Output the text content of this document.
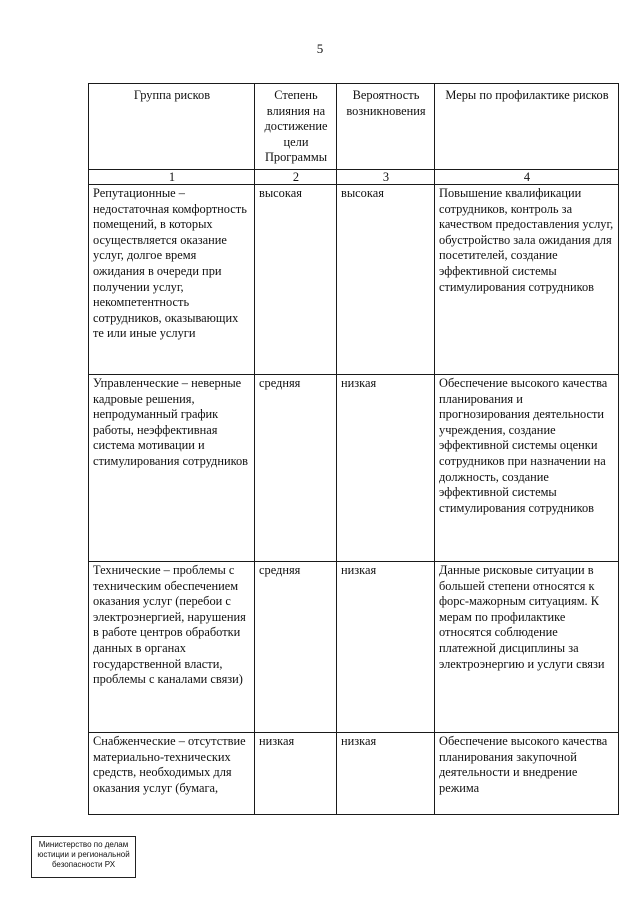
5
Группа рисков	Степень влияния на достижение цели Программы	Вероятность возникновения	Меры по профилактике рисков
1	2	3	4
Репутационные – недостаточная комфортность помещений, в которых осуществляется оказание услуг, долгое время ожидания в очереди при получении услуг, некомпетентность сотрудников, оказывающих те или иные услуги	высокая	высокая	Повышение квалификации сотрудников, контроль за качеством предоставления услуг, обустройство зала ожидания для посетителей, создание эффективной системы стимулирования сотрудников
Управленческие – неверные кадровые решения, непродуманный график работы, неэффективная система мотивации и стимулирования сотрудников	средняя	низкая	Обеспечение высокого качества планирования и прогнозирования деятельности учреждения, создание эффективной системы оценки сотрудников при назначении на должность, создание эффективной системы стимулирования сотрудников
Технические – проблемы с техническим обеспечением оказания услуг (перебои с электроэнергией, нарушения в работе центров обработки данных в органах государственной власти, проблемы с каналами связи)	средняя	низкая	Данные рисковые ситуации в большей степени относятся к форс-мажорным ситуациям. К мерам по профилактике относятся соблюдение платежной дисциплины за электроэнергию и услуги связи
Снабженческие – отсутствие материально-технических средств, необходимых для оказания услуг (бумага,	низкая	низкая	Обеспечение высокого качества планирования закупочной деятельности и внедрение режима
Министерство по делам
юстиции и региональной
безопасности РХ
